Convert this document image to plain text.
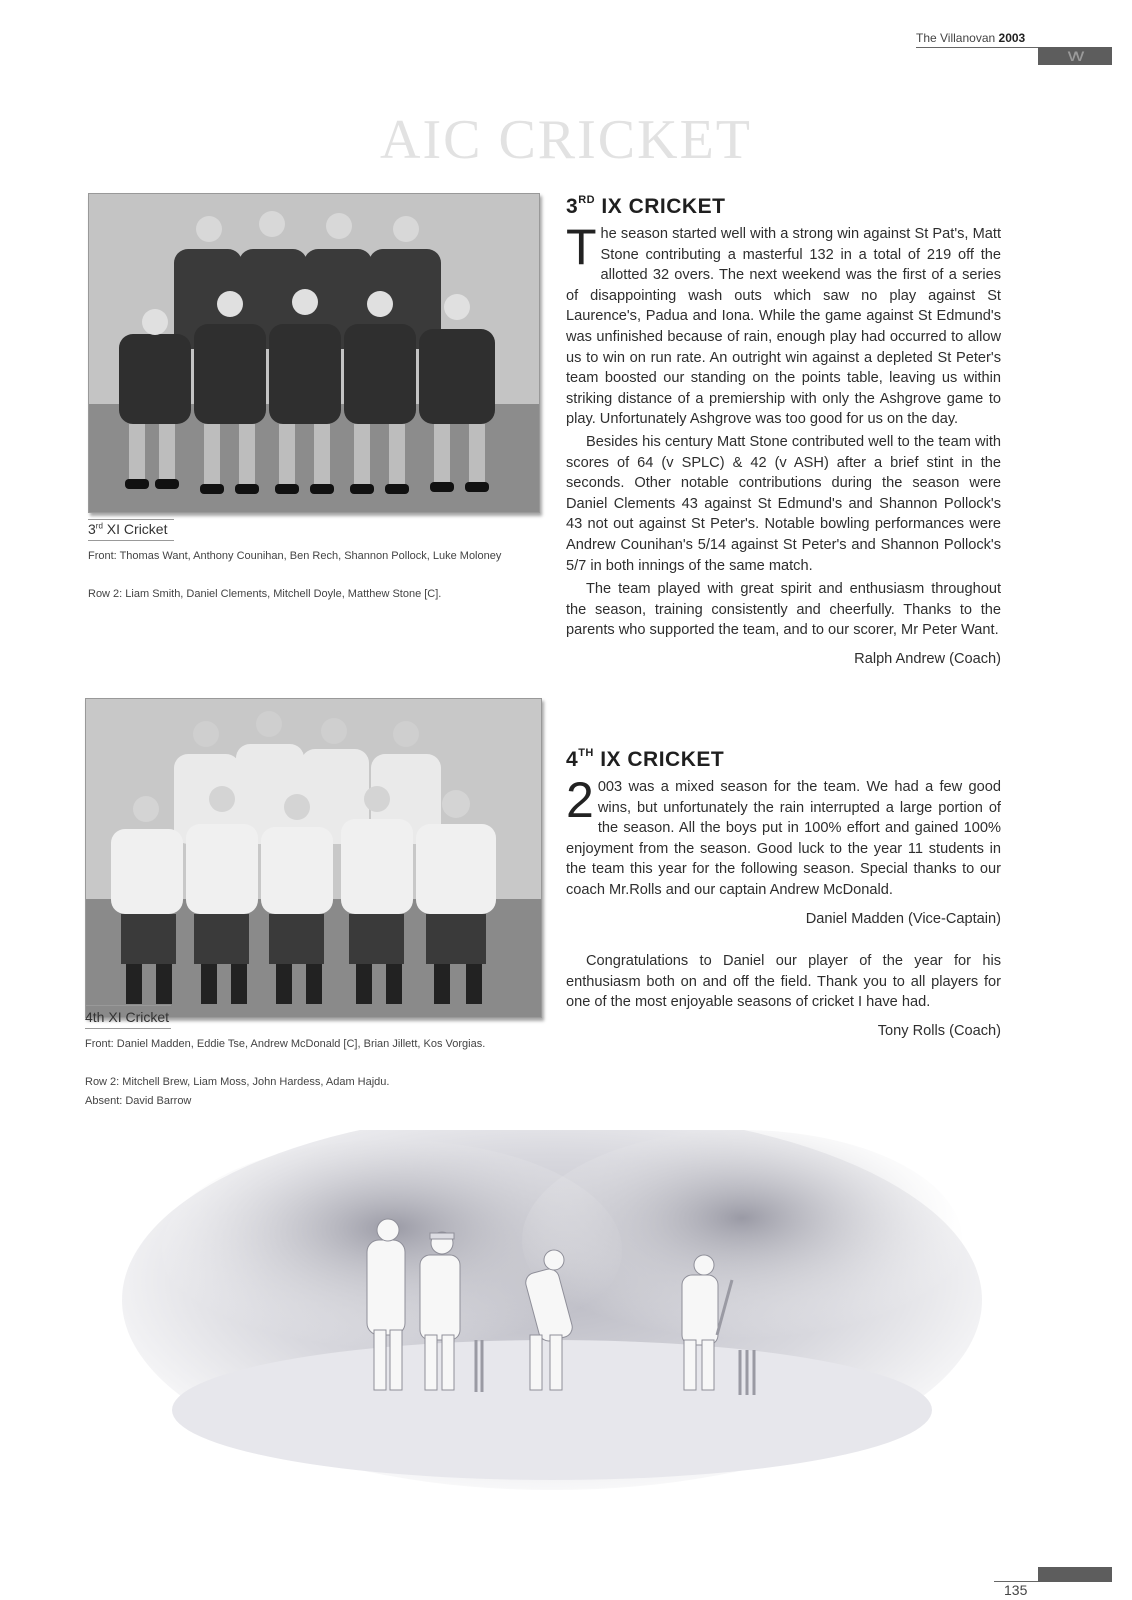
The Villanovan 2003
VV
AIC CRICKET
3rd XI Cricket
Front: Thomas Want, Anthony Counihan, Ben Rech, Shannon Pollock, Luke Moloney
Row 2: Liam Smith, Daniel Clements, Mitchell Doyle, Matthew Stone [C].
4th XI Cricket
Front: Daniel Madden, Eddie Tse, Andrew McDonald [C], Brian Jillett, Kos Vorgias.
Row 2: Mitchell Brew, Liam Moss, John Hardess, Adam Hajdu.
Absent: David Barrow
3RD IX CRICKET

The season started well with a strong win against St Pat's, Matt Stone contributing a masterful 132 in a total of 219 off the allotted 32 overs. The next weekend was the first of a series of disappointing wash outs which saw no play against St Laurence's, Padua and Iona. While the game against St Edmund's was unfinished because of rain, enough play had occurred to allow us to win on run rate. An outright win against a depleted St Peter's team boosted our standing on the points table, leaving us within striking distance of a premiership with only the Ashgrove game to play. Unfortunately Ashgrove was too good for us on the day.

Besides his century Matt Stone contributed well to the team with scores of 64 (v SPLC) & 42 (v ASH) after a brief stint in the seconds. Other notable contributions during the season were Daniel Clements 43 against St Edmund's and Shannon Pollock's 43 not out against St Peter's. Notable bowling performances were Andrew Counihan's 5/14 against St Peter's and Shannon Pollock's 5/7 in both innings of the same match.

The team played with great spirit and enthusiasm throughout the season, training consistently and cheerfully. Thanks to the parents who supported the team, and to our scorer, Mr Peter Want.

Ralph Andrew (Coach)

4TH IX CRICKET

2 003 was a mixed season for the team. We had a few good wins, but unfortunately the rain interrupted a large portion of the season. All the boys put in 100% effort and gained 100% enjoyment from the season. Good luck to the year 11 students in the team this year for the following season. Special thanks to our coach Mr.Rolls and our captain Andrew McDonald.

Daniel Madden (Vice-Captain)

Congratulations to Daniel our player of the year for his enthusiasm both on and off the field. Thank you to all players for one of the most enjoyable seasons of cricket I have had.

Tony Rolls (Coach)

135
